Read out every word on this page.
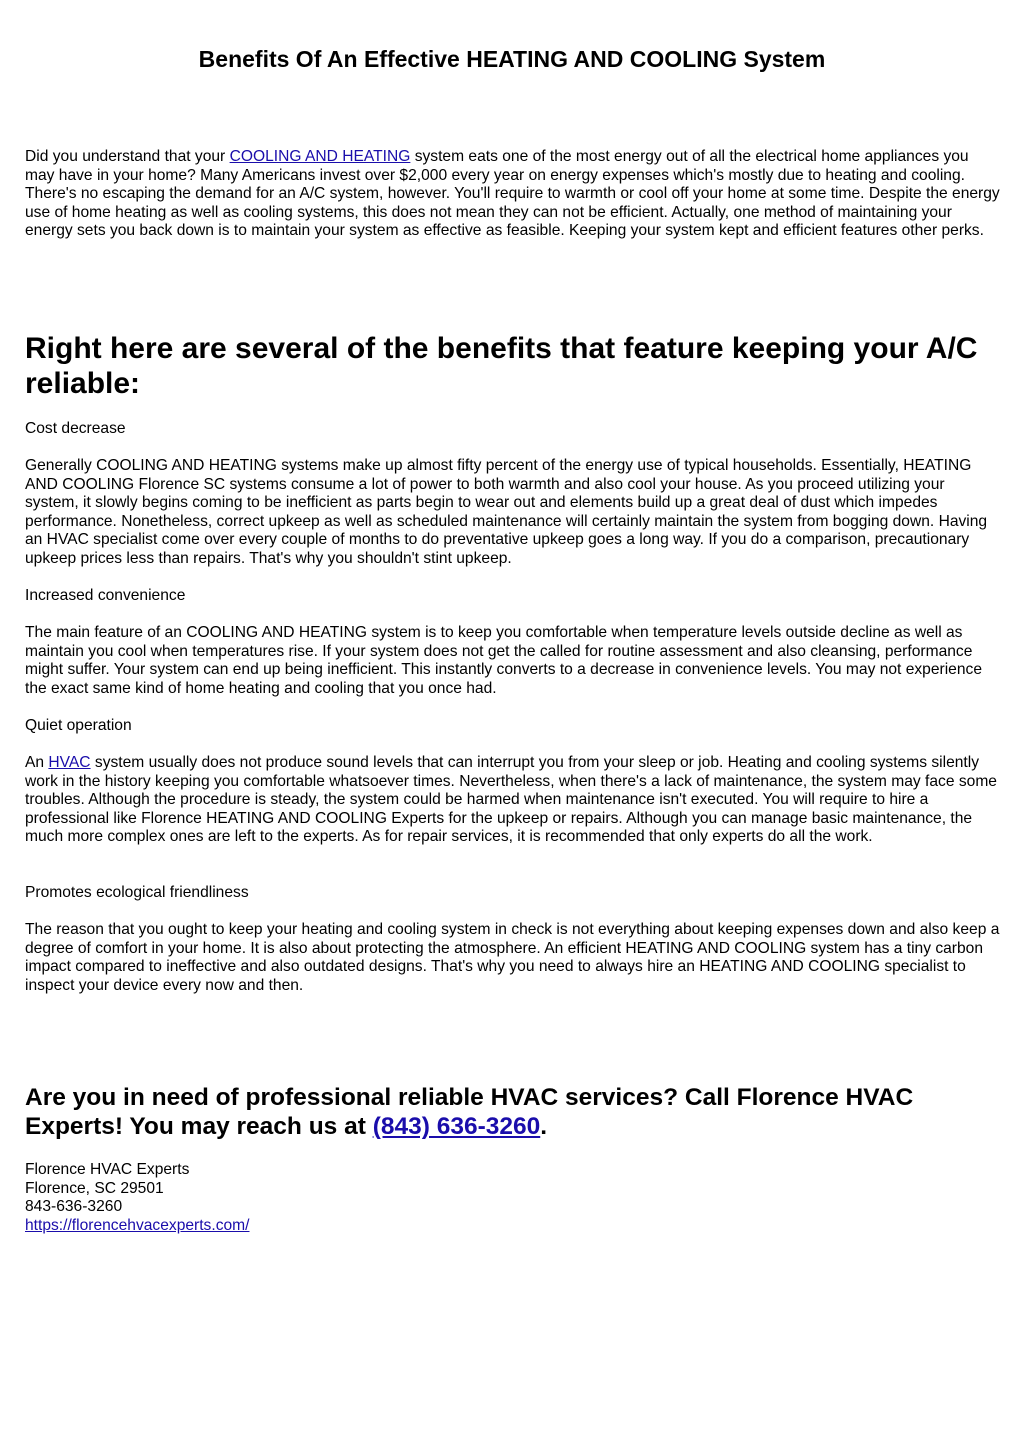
Benefits Of An Effective HEATING AND COOLING System

Did you understand that your COOLING AND HEATING system eats one of the most energy out of all the electrical home appliances you may have in your home? Many Americans invest over $2,000 every year on energy expenses which's mostly due to heating and cooling. There's no escaping the demand for an A/C system, however. You'll require to warmth or cool off your home at some time. Despite the energy use of home heating as well as cooling systems, this does not mean they can not be efficient. Actually, one method of maintaining your energy sets you back down is to maintain your system as effective as feasible. Keeping your system kept and efficient features other perks.

Right here are several of the benefits that feature keeping your A/C reliable:

Cost decrease

Generally COOLING AND HEATING systems make up almost fifty percent of the energy use of typical households. Essentially, HEATING AND COOLING Florence SC systems consume a lot of power to both warmth and also cool your house. As you proceed utilizing your system, it slowly begins coming to be inefficient as parts begin to wear out and elements build up a great deal of dust which impedes performance. Nonetheless, correct upkeep as well as scheduled maintenance will certainly maintain the system from bogging down. Having an HVAC specialist come over every couple of months to do preventative upkeep goes a long way. If you do a comparison, precautionary upkeep prices less than repairs. That's why you shouldn't stint upkeep.

Increased convenience

The main feature of an COOLING AND HEATING system is to keep you comfortable when temperature levels outside decline as well as maintain you cool when temperatures rise. If your system does not get the called for routine assessment and also cleansing, performance might suffer. Your system can end up being inefficient. This instantly converts to a decrease in convenience levels. You may not experience the exact same kind of home heating and cooling that you once had.

Quiet operation

An HVAC system usually does not produce sound levels that can interrupt you from your sleep or job. Heating and cooling systems silently work in the history keeping you comfortable whatsoever times. Nevertheless, when there's a lack of maintenance, the system may face some troubles. Although the procedure is steady, the system could be harmed when maintenance isn't executed. You will require to hire a professional like Florence HEATING AND COOLING Experts for the upkeep or repairs. Although you can manage basic maintenance, the much more complex ones are left to the experts. As for repair services, it is recommended that only experts do all the work.

Promotes ecological friendliness

The reason that you ought to keep your heating and cooling system in check is not everything about keeping expenses down and also keep a degree of comfort in your home. It is also about protecting the atmosphere. An efficient HEATING AND COOLING system has a tiny carbon impact compared to ineffective and also outdated designs. That's why you need to always hire an HEATING AND COOLING specialist to inspect your device every now and then.

Are you in need of professional reliable HVAC services? Call Florence HVAC Experts! You may reach us at (843) 636-3260.
Florence HVAC Experts
Florence, SC 29501
843-636-3260
https://florencehvacexperts.com/
